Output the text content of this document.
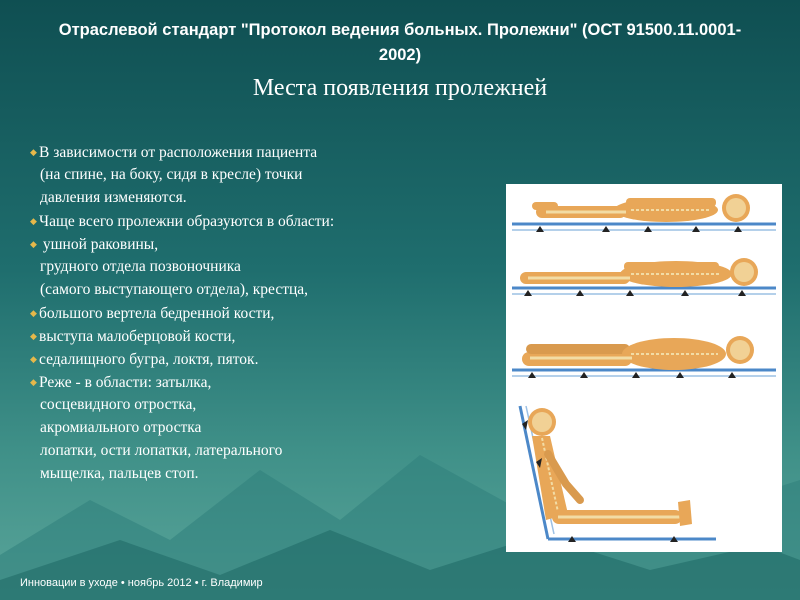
Отраслевой стандарт "Протокол ведения больных. Пролежни" (ОСТ 91500.11.0001-2002)
Места появления пролежней
◆ В зависимости от расположения пациента
(на спине, на боку, сидя в кресле) точки
давления изменяются.
◆ Чаще всего пролежни образуются в области:
◆ ушной раковины,
грудного отдела позвоночника
(самого выступающего отдела), крестца,
◆ большого вертела бедренной кости,
◆ выступа малоберцовой кости,
◆ седалищного бугра, локтя, пяток.
◆ Реже - в области: затылка,
сосцевидного отростка,
акромиального отростка
лопатки, ости лопатки, латерального
мыщелка, пальцев стоп.
Инновации в уходе • ноябрь 2012 • г. Владимир
